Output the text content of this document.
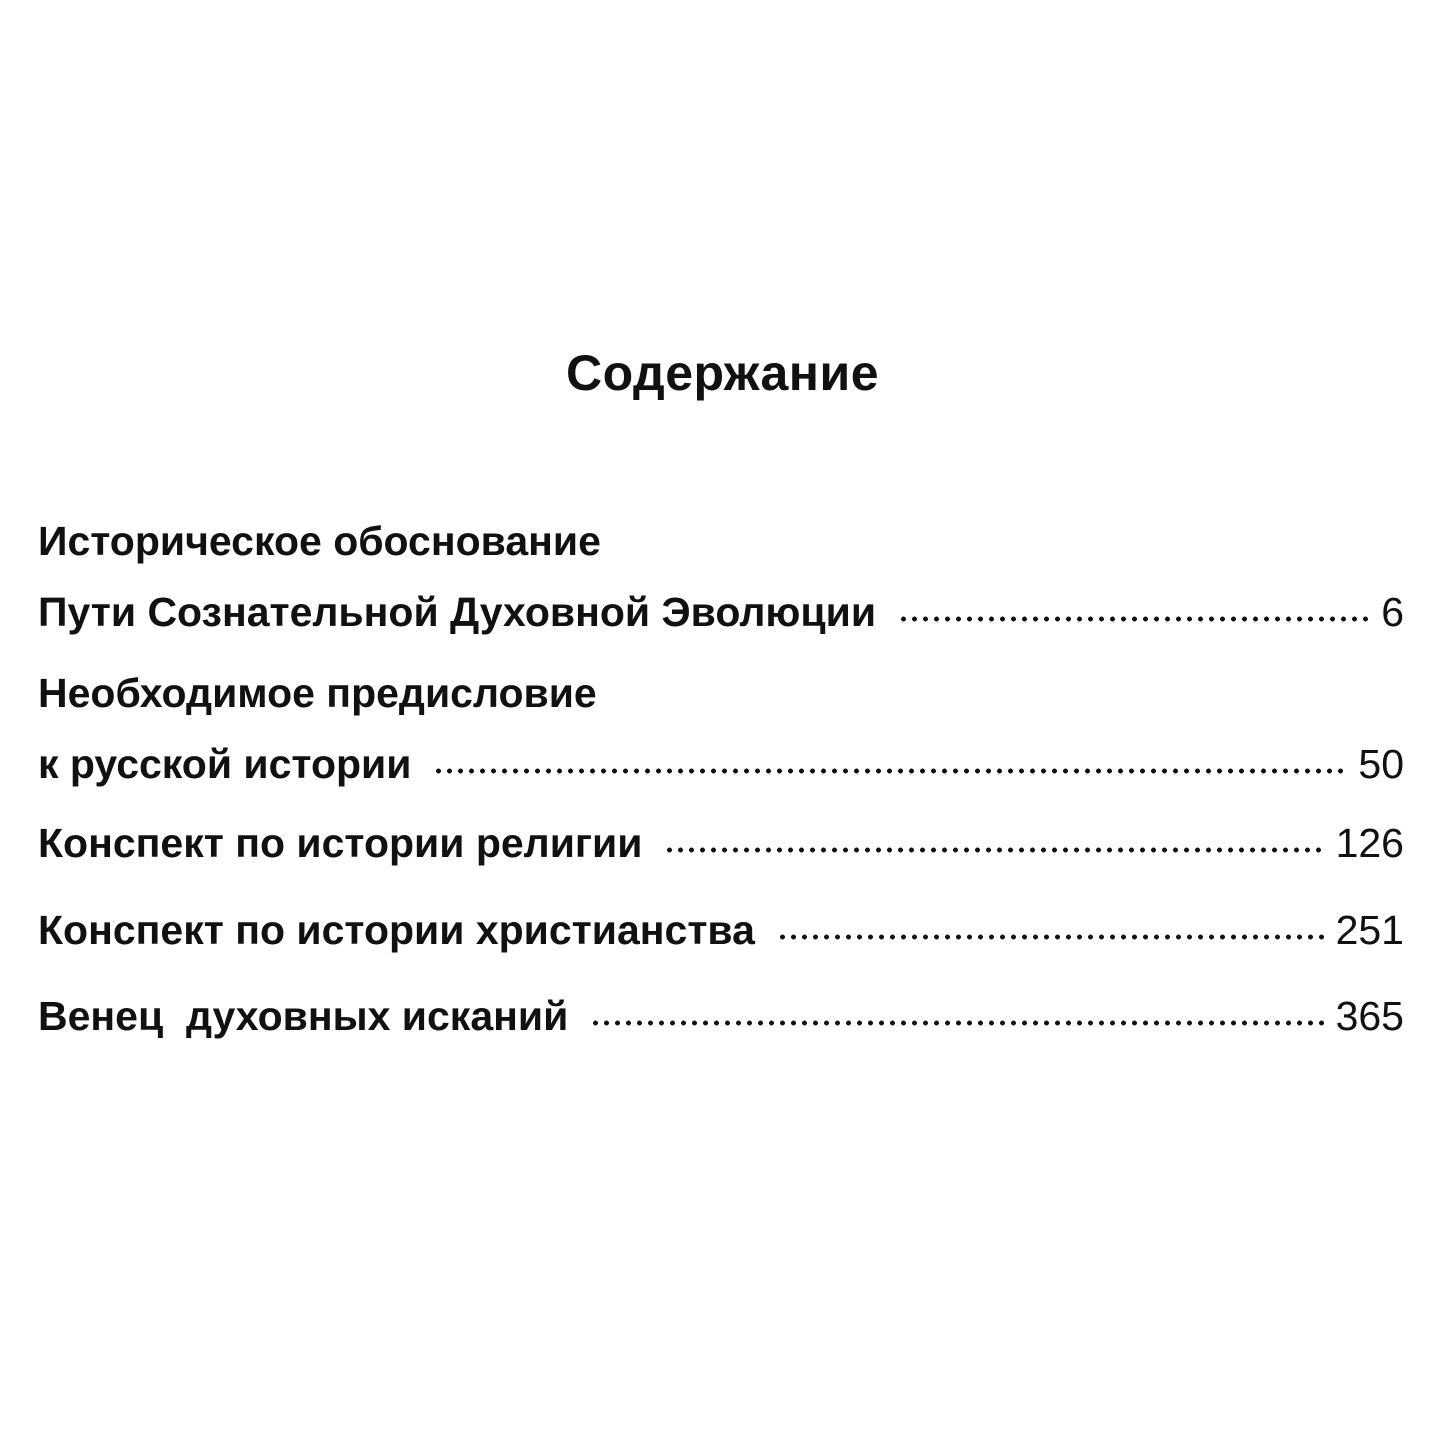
Содержание
Историческое обоснование
Пути Сознательной Духовной Эволюции	6
Необходимое предисловие
к русской истории	50
Конспект по истории религии	126
Конспект по истории христианства	251
Венец  духовных исканий	365
